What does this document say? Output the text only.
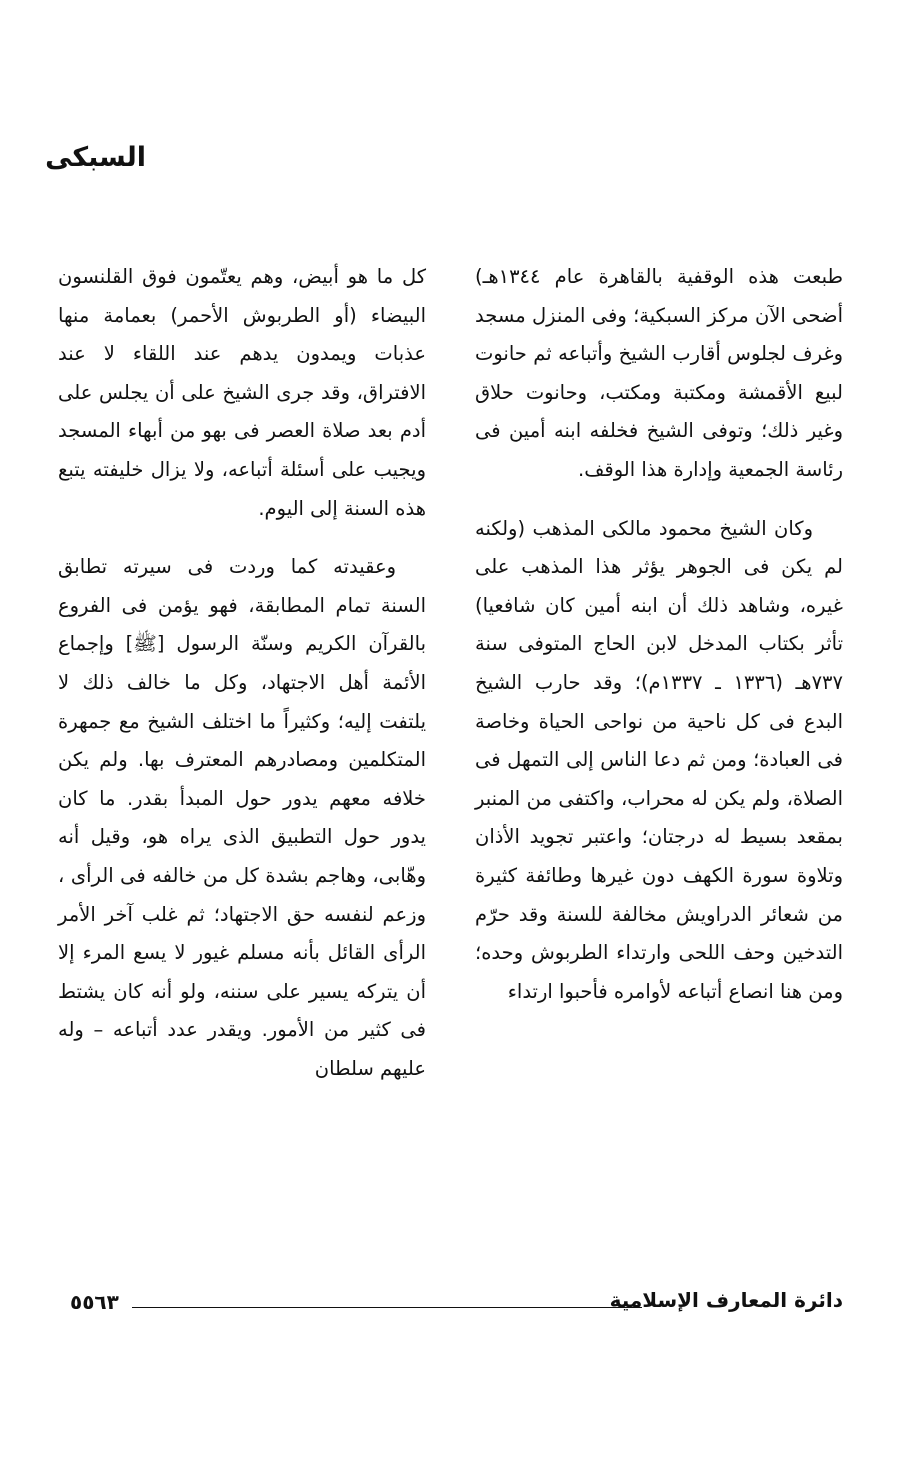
السبكى

طبعت هذه الوقفية بالقاهرة عام ١٣٤٤هـ) أضحى الآن مركز السبكية؛ وفى المنزل مسجد وغرف لجلوس أقارب الشيخ وأتباعه ثم حانوت لبيع الأقمشة ومكتبة ومكتب، وحانوت حلاق وغير ذلك؛ وتوفى الشيخ فخلفه ابنه أمين فى رئاسة الجمعية وإدارة هذا الوقف.

وكان الشيخ محمود مالكى المذهب (ولكنه لم يكن فى الجوهر يؤثر هذا المذهب على غيره، وشاهد ذلك أن ابنه أمين كان شافعيا) تأثر بكتاب المدخل لابن الحاج المتوفى سنة ٧٣٧هـ (١٣٣٦ ـ ١٣٣٧م)؛ وقد حارب الشيخ البدع فى كل ناحية من نواحى الحياة وخاصة فى العبادة؛ ومن ثم دعا الناس إلى التمهل فى الصلاة، ولم يكن له محراب، واكتفى من المنبر بمقعد بسيط له درجتان؛ واعتبر تجويد الأذان وتلاوة سورة الكهف دون غيرها وطائفة كثيرة من شعائر الدراويش مخالفة للسنة وقد حرّم التدخين وحف اللحى وارتداء الطربوش وحده؛ ومن هنا انصاع أتباعه لأوامره فأحبوا ارتداء

كل ما هو أبيض، وهم يعتّمون فوق القلنسون البيضاء (أو الطربوش الأحمر) بعمامة منها عذبات ويمدون يدهم عند اللقاء لا عند الافتراق، وقد جرى الشيخ على أن يجلس على أدم بعد صلاة العصر فى بهو من أبهاء المسجد ويجيب على أسئلة أتباعه، ولا يزال خليفته يتبع هذه السنة إلى اليوم.

وعقيدته كما وردت فى سيرته تطابق السنة تمام المطابقة، فهو يؤمن فى الفروع بالقرآن الكريم وسنّة الرسول [ﷺ] وإجماع الأئمة أهل الاجتهاد، وكل ما خالف ذلك لا يلتفت إليه؛ وكثيراً ما اختلف الشيخ مع جمهرة المتكلمين ومصادرهم المعترف بها. ولم يكن خلافه معهم يدور حول المبدأ بقدر. ما كان يدور حول التطبيق الذى يراه هو، وقيل أنه وهّابى، وهاجم بشدة كل من خالفه فى الرأى ، وزعم لنفسه حق الاجتهاد؛ ثم غلب آخر الأمر الرأى القائل بأنه مسلم غيور لا يسع المرء إلا أن يتركه يسير على سننه، ولو أنه كان يشتط فى كثير من الأمور. ويقدر عدد أتباعه – وله عليهم سلطان

دائرة المعارف الإسلامية
٥٥٦٣
